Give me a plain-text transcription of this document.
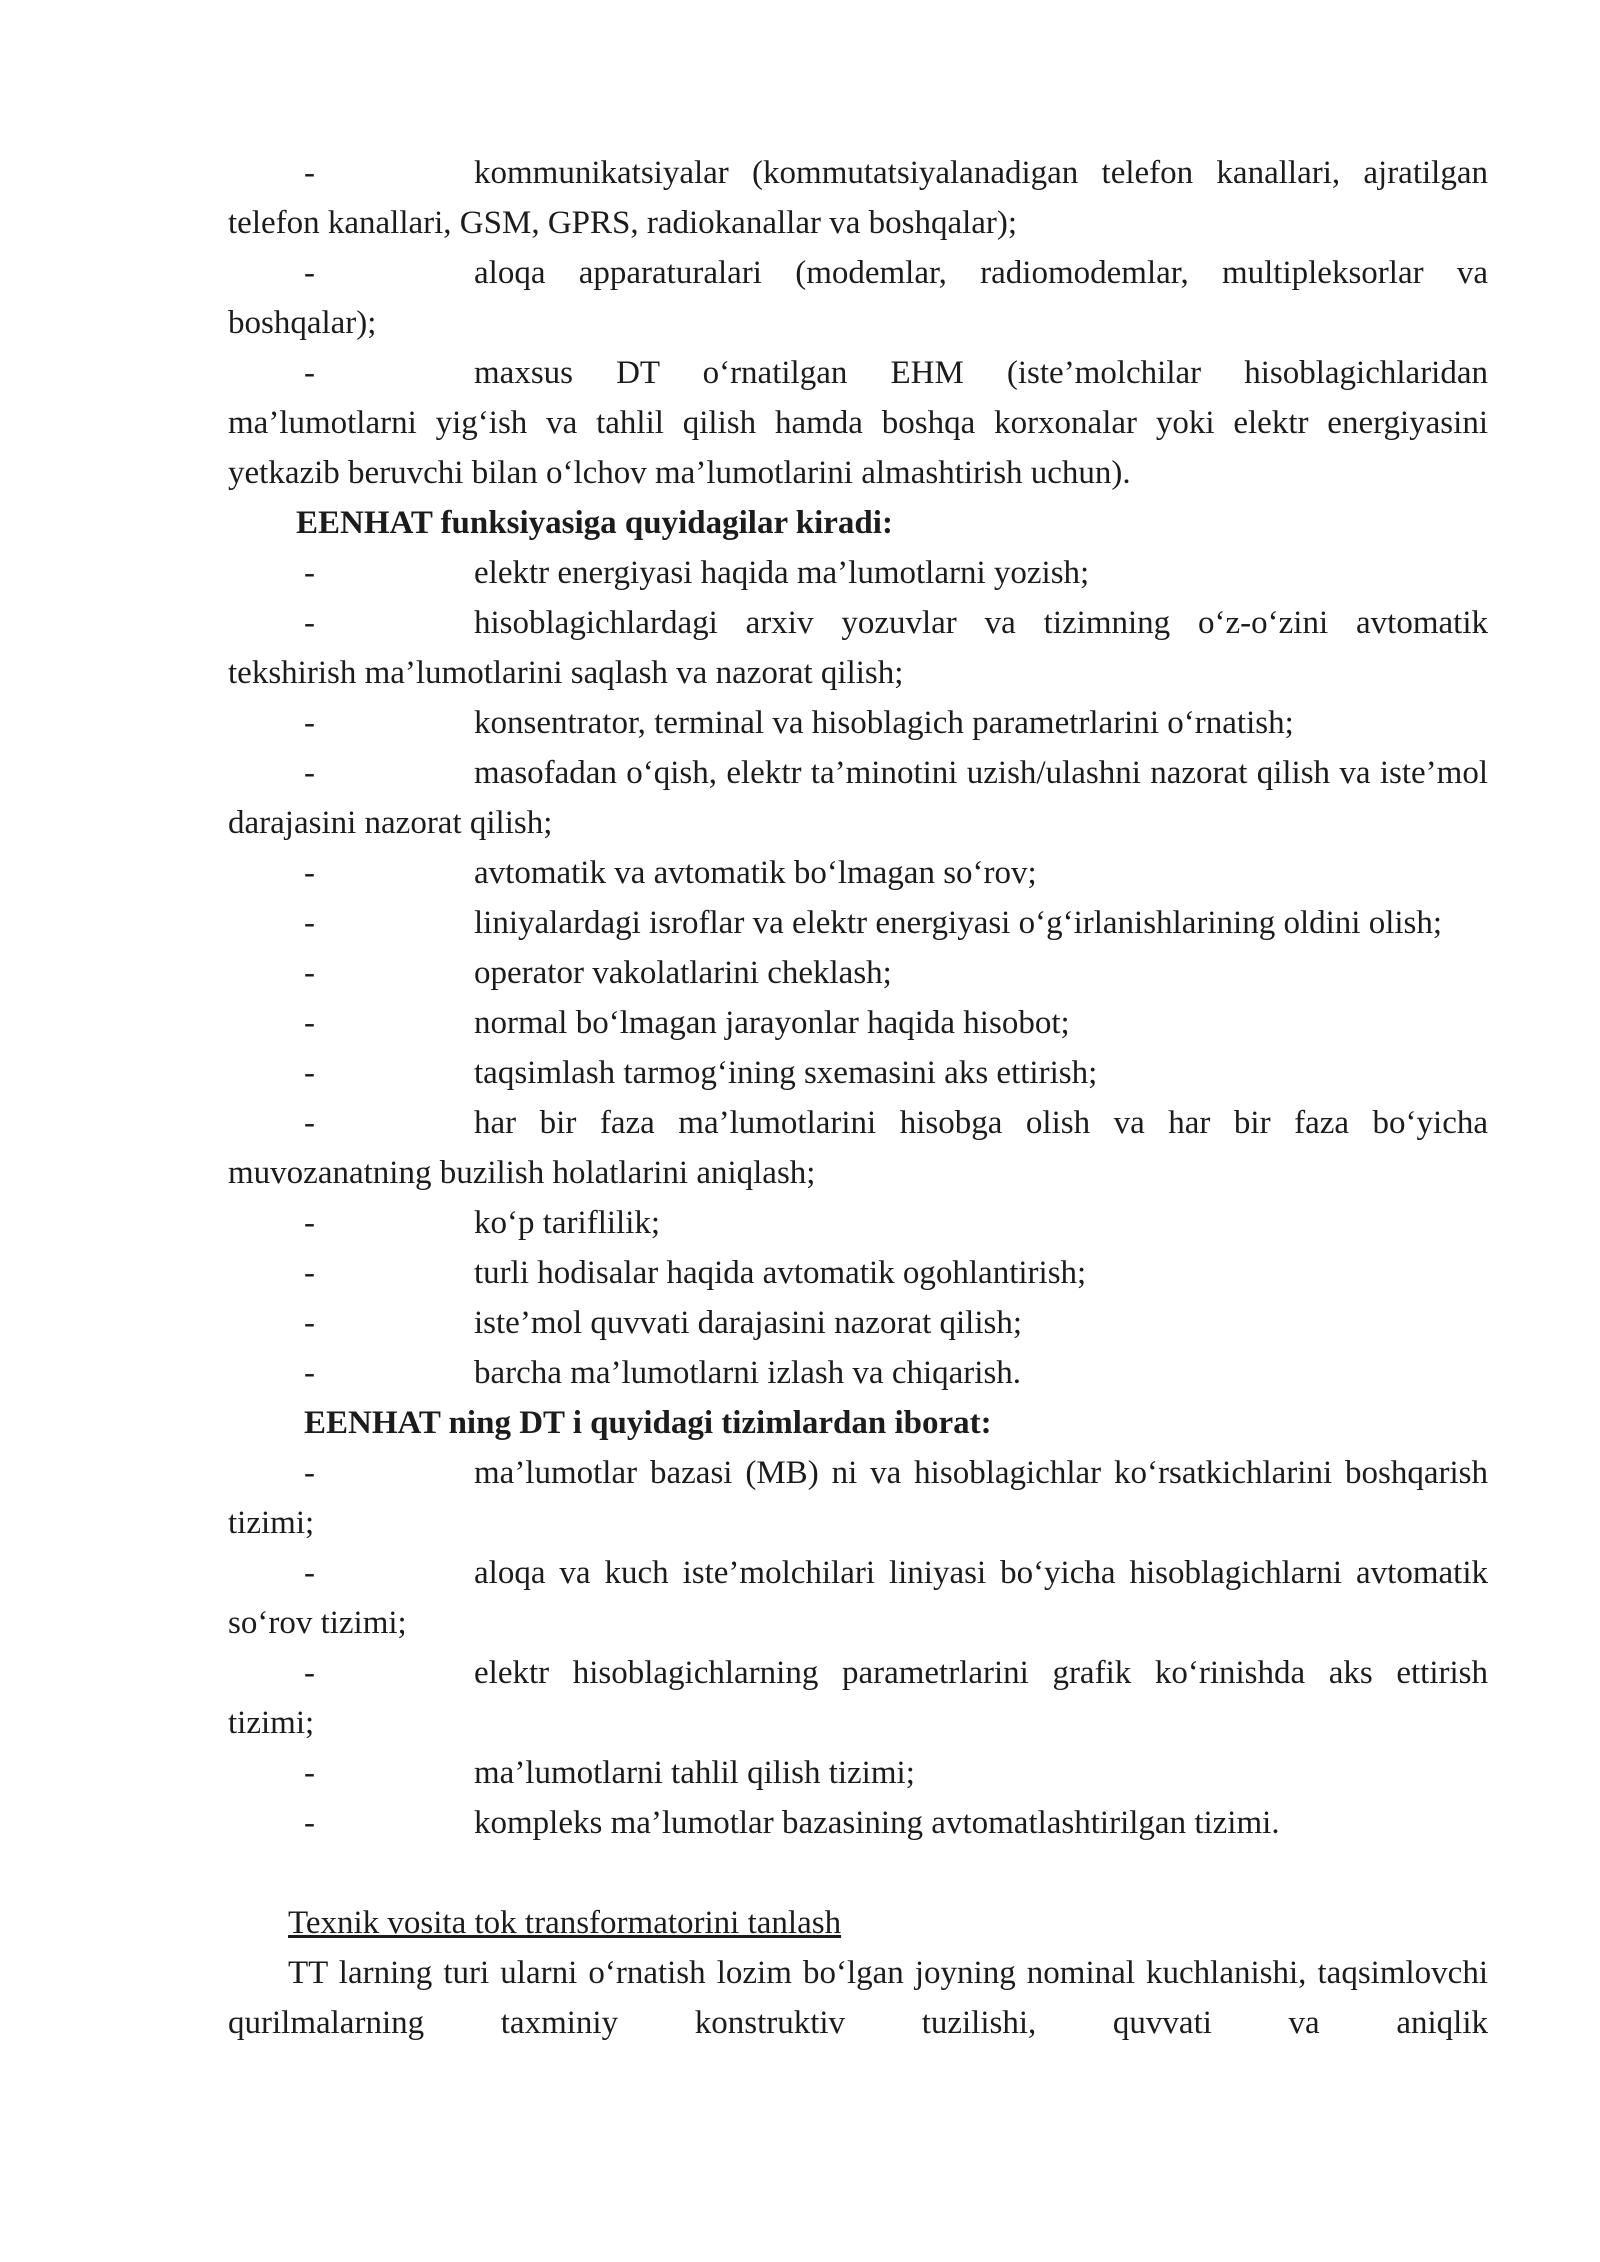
-	kommunikatsiyalar (kommutatsiyalanadigan telefon kanallari, ajratilgan telefon kanallari, GSM, GPRS, radiokanallar va boshqalar);

-	aloqa apparaturalari (modemlar, radiomodemlar, multipleksorlar va boshqalar);

-	maxsus DT o‘rnatilgan EHM (iste’molchilar hisoblagichlaridan ma’lumotlarni yig‘ish va tahlil qilish hamda boshqa korxonalar yoki elektr energiyasini yetkazib beruvchi bilan o‘lchov ma’lumotlarini almashtirish uchun).

EENHAT funksiyasiga quyidagilar kiradi:

-	elektr energiyasi haqida ma’lumotlarni yozish;

-	hisoblagichlardagi arxiv yozuvlar va tizimning o‘z-o‘zini avtomatik tekshirish ma’lumotlarini saqlash va nazorat qilish;

-	konsentrator, terminal va hisoblagich parametrlarini o‘rnatish;

-	masofadan o‘qish, elektr ta’minotini uzish/ulashni nazorat qilish va iste’mol darajasini nazorat qilish;

-	avtomatik va avtomatik bo‘lmagan so‘rov;

-	liniyalardagi isroflar va elektr energiyasi o‘g‘irlanishlarining oldini olish;

-	operator vakolatlarini cheklash;

-	normal bo‘lmagan jarayonlar haqida hisobot;

-	taqsimlash tarmog‘ining sxemasini aks ettirish;

-	har bir faza ma’lumotlarini hisobga olish va har bir faza bo‘yicha muvozanatning buzilish holatlarini aniqlash;

-	ko‘p tariflilik;

-	turli hodisalar haqida avtomatik ogohlantirish;

-	iste’mol quvvati darajasini nazorat qilish;

-	barcha ma’lumotlarni izlash va chiqarish.

EENHAT ning DT i quyidagi tizimlardan iborat:

-	ma’lumotlar bazasi (MB) ni va hisoblagichlar ko‘rsatkichlarini boshqarish tizimi;

-	aloqa va kuch iste’molchilari liniyasi bo‘yicha hisoblagichlarni avtomatik so‘rov tizimi;

-	elektr hisoblagichlarning parametrlarini grafik ko‘rinishda aks ettirish tizimi;

-	ma’lumotlarni tahlil qilish tizimi;

-	kompleks ma’lumotlar bazasining avtomatlashtirilgan tizimi.

Texnik vosita tok transformatorini tanlash

TT larning turi ularni o‘rnatish lozim bo‘lgan joyning nominal kuchlanishi, taqsimlovchi qurilmalarning taxminiy konstruktiv tuzilishi, quvvati va aniqlik
